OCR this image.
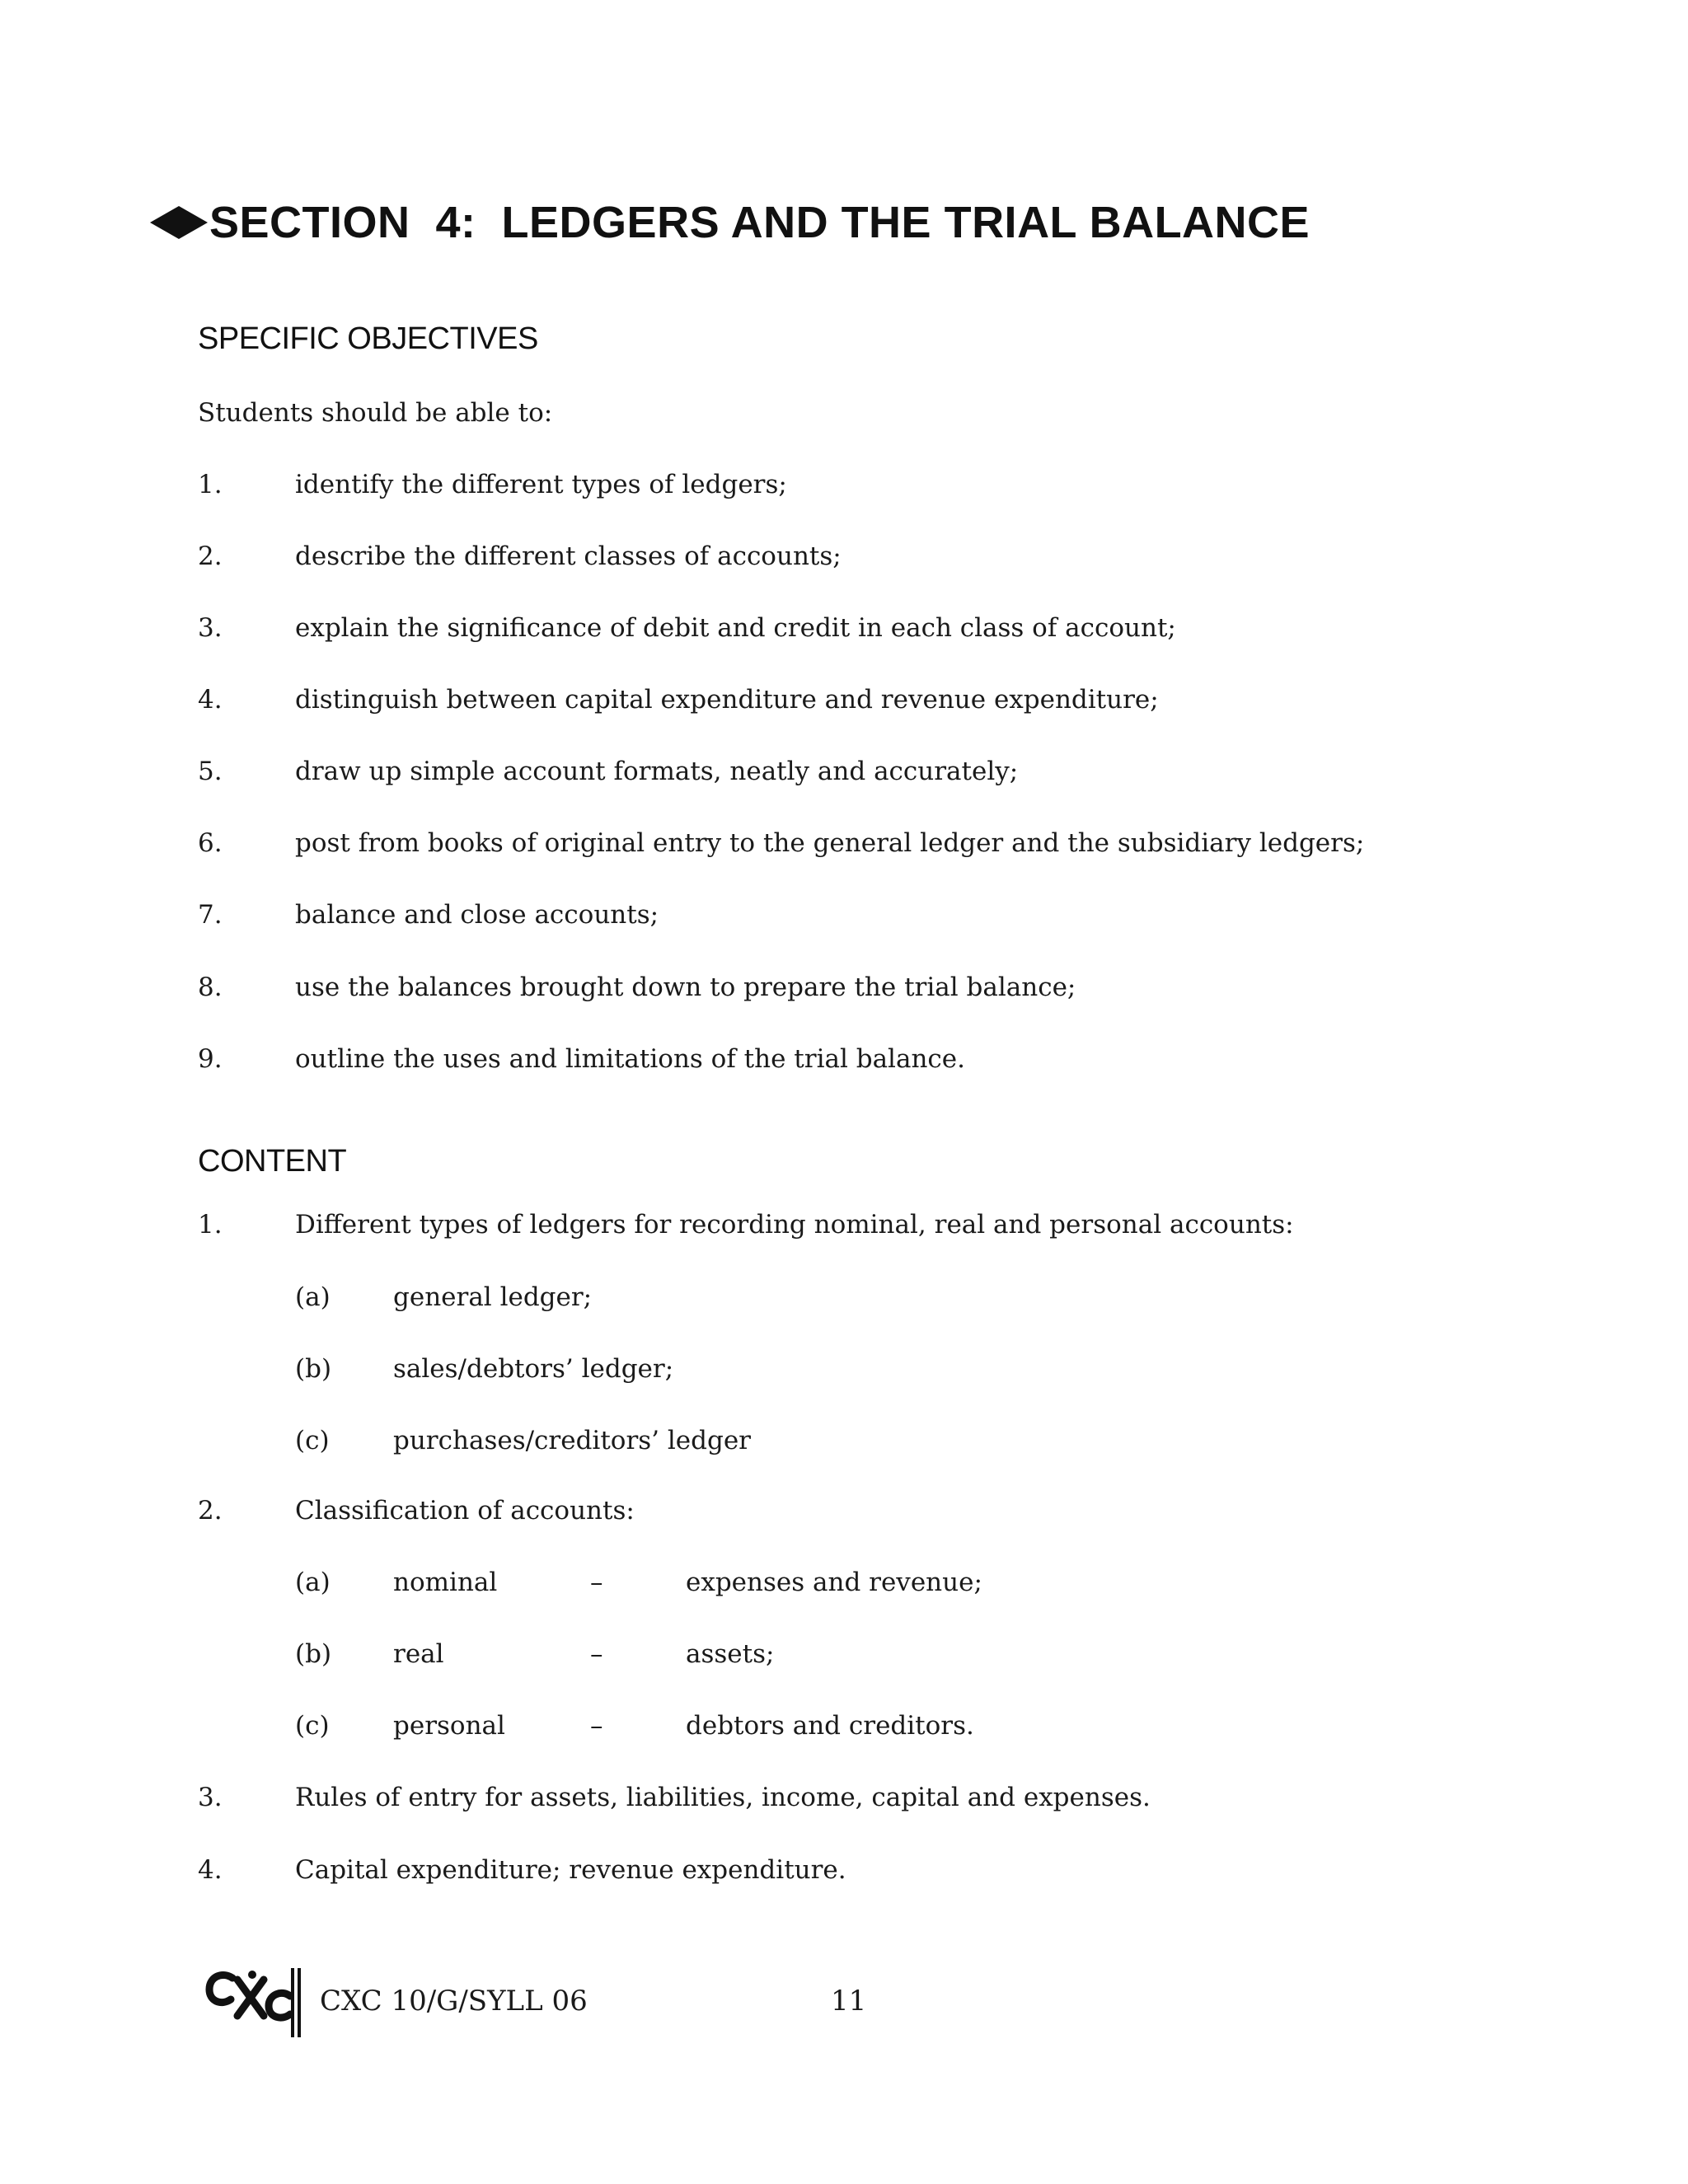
SECTION  4:  LEDGERS AND THE TRIAL BALANCE
SPECIFIC OBJECTIVES
Students should be able to:
1.	identify the different types of ledgers;
2.	describe the different classes of accounts;
3.	explain the significance of debit and credit in each class of account;
4.	distinguish between capital expenditure and revenue expenditure;
5.	draw up simple account formats, neatly and accurately;
6.	post from books of original entry to the general ledger and the subsidiary ledgers;
7.	balance and close accounts;
8.	use the balances brought down to prepare the trial balance;
9.	outline the uses and limitations of the trial balance.
CONTENT
1.	Different types of ledgers for recording nominal, real and personal accounts:
(a) general ledger;
(b) sales/debtors’ ledger;
(c) purchases/creditors’ ledger
2.	Classification of accounts:
(a) nominal	–	expenses and revenue;
(b) real	–	assets;
(c) personal	–	debtors and creditors.
3.	Rules of entry for assets, liabilities, income, capital and expenses.
4.	Capital expenditure; revenue expenditure.
CXC 10/G/SYLL 06	11
